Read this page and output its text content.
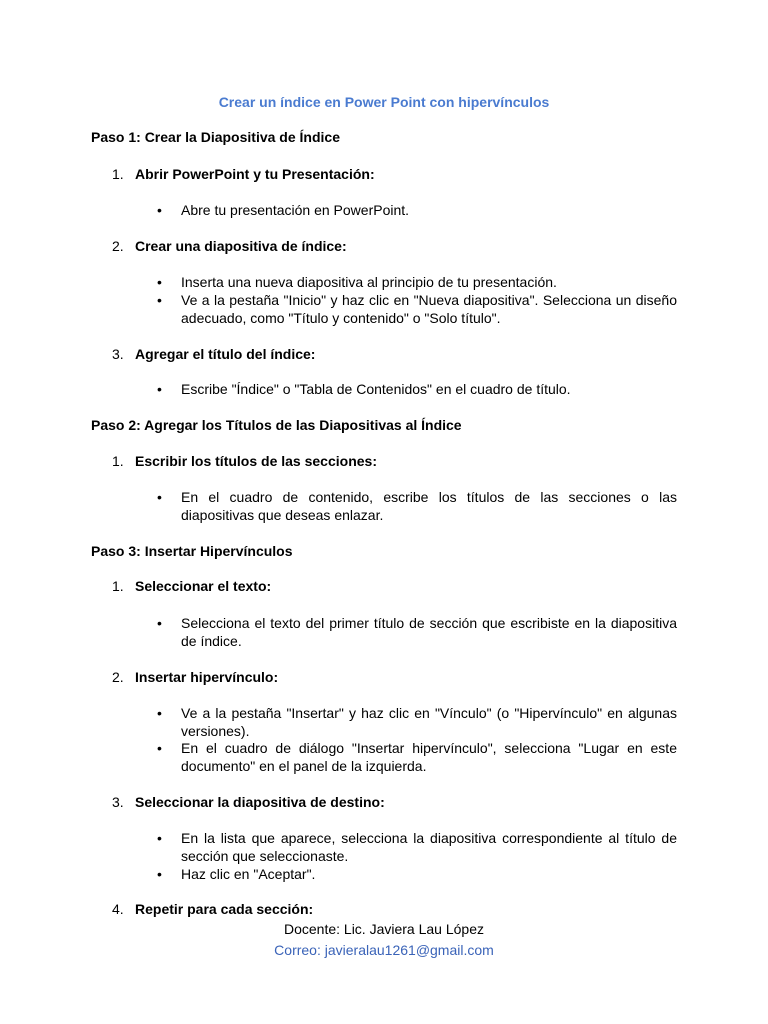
Crear un índice en Power Point con hipervínculos
Paso 1: Crear la Diapositiva de Índice
1. Abrir PowerPoint y tu Presentación:
•	Abre tu presentación en PowerPoint.
2. Crear una diapositiva de índice:
•	Inserta una nueva diapositiva al principio de tu presentación.
•	Ve a la pestaña "Inicio" y haz clic en "Nueva diapositiva". Selecciona un diseño adecuado, como "Título y contenido" o "Solo título".
3. Agregar el título del índice:
•	Escribe "Índice" o "Tabla de Contenidos" en el cuadro de título.
Paso 2: Agregar los Títulos de las Diapositivas al Índice
1. Escribir los títulos de las secciones:
•	En el cuadro de contenido, escribe los títulos de las secciones o las diapositivas que deseas enlazar.
Paso 3: Insertar Hipervínculos
1. Seleccionar el texto:
•	Selecciona el texto del primer título de sección que escribiste en la diapositiva de índice.
2. Insertar hipervínculo:
•	Ve a la pestaña "Insertar" y haz clic en "Vínculo" (o "Hipervínculo" en algunas versiones).
•	En el cuadro de diálogo "Insertar hipervínculo", selecciona "Lugar en este documento" en el panel de la izquierda.
3. Seleccionar la diapositiva de destino:
•	En la lista que aparece, selecciona la diapositiva correspondiente al título de sección que seleccionaste.
•	Haz clic en "Aceptar".
4. Repetir para cada sección:
Docente: Lic. Javiera Lau López
Correo: javieralau1261@gmail.com
